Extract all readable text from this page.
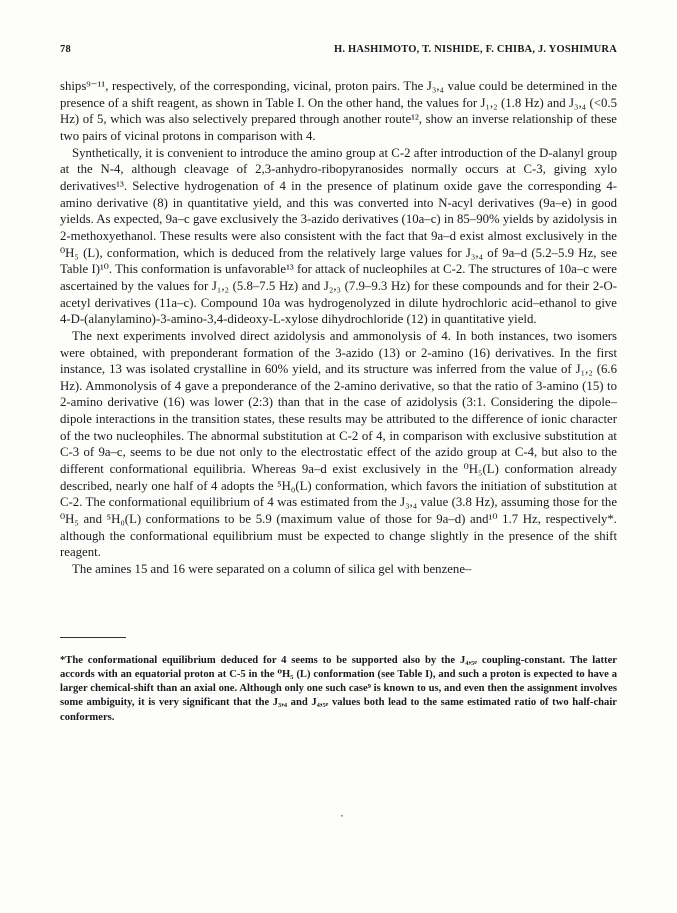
78	H. HASHIMOTO, T. NISHIDE, F. CHIBA, J. YOSHIMURA

ships⁹⁻¹¹, respectively, of the corresponding, vicinal, proton pairs. The J₃,₄ value could be determined in the presence of a shift reagent, as shown in Table I. On the other hand, the values for J₁,₂ (1.8 Hz) and J₃,₄ (<0.5 Hz) of 5, which was also selectively prepared through another route¹², show an inverse relationship of these two pairs of vicinal protons in comparison with 4.

Synthetically, it is convenient to introduce the amino group at C-2 after introduction of the D-alanyl group at the N-4, although cleavage of 2,3-anhydro-ribopyranosides normally occurs at C-3, giving xylo derivatives¹³. Selective hydrogenation of 4 in the presence of platinum oxide gave the corresponding 4-amino derivative (8) in quantitative yield, and this was converted into N-acyl derivatives (9a–e) in good yields. As expected, 9a–c gave exclusively the 3-azido derivatives (10a–c) in 85–90% yields by azidolysis in 2-methoxyethanol. These results were also consistent with the fact that 9a–d exist almost exclusively in the ⁰H₅ (L), conformation, which is deduced from the relatively large values for J₃,₄ of 9a–d (5.2–5.9 Hz, see Table I)¹⁰. This conformation is unfavorable¹³ for attack of nucleophiles at C-2. The structures of 10a–c were ascertained by the values for J₁,₂ (5.8–7.5 Hz) and J₂,₃ (7.9–9.3 Hz) for these compounds and for their 2-O-acetyl derivatives (11a–c). Compound 10a was hydrogenolyzed in dilute hydrochloric acid–ethanol to give 4-D-(alanylamino)-3-amino-3,4-dideoxy-L-xylose dihydrochloride (12) in quantitative yield.

The next experiments involved direct azidolysis and ammonolysis of 4. In both instances, two isomers were obtained, with preponderant formation of the 3-azido (13) or 2-amino (16) derivatives. In the first instance, 13 was isolated crystalline in 60% yield, and its structure was inferred from the value of J₁,₂ (6.6 Hz). Ammonolysis of 4 gave a preponderance of the 2-amino derivative, so that the ratio of 3-amino (15) to 2-amino derivative (16) was lower (2:3) than that in the case of azidolysis (3:1. Considering the dipole–dipole interactions in the transition states, these results may be attributed to the difference of ionic character of the two nucleophiles. The abnormal substitution at C-2 of 4, in comparison with exclusive substitution at C-3 of 9a–c, seems to be due not only to the electrostatic effect of the azido group at C-4, but also to the different conformational equilibria. Whereas 9a–d exist exclusively in the ⁰H₅(L) conformation already described, nearly one half of 4 adopts the ⁵H₀(L) conformation, which favors the initiation of substitution at C-2. The conformational equilibrium of 4 was estimated from the J₃,₄ value (3.8 Hz), assuming those for the ⁰H₅ and ⁵H₀(L) conformations to be 5.9 (maximum value of those for 9a–d) and¹⁰ 1.7 Hz, respectively*. although the conformational equilibrium must be expected to change slightly in the presence of the shift reagent.

The amines 15 and 16 were separated on a column of silica gel with benzene–

*The conformational equilibrium deduced for 4 seems to be supported also by the J₄,₅ₑ coupling-constant. The latter accords with an equatorial proton at C-5 in the ⁰H₅ (L) conformation (see Table I), and such a proton is expected to have a larger chemical-shift than an axial one. Although only one such case⁹ is known to us, and even then the assignment involves some ambiguity, it is very significant that the J₃,₄ and J₄,₅ₑ values both lead to the same estimated ratio of two half-chair conformers.

·
